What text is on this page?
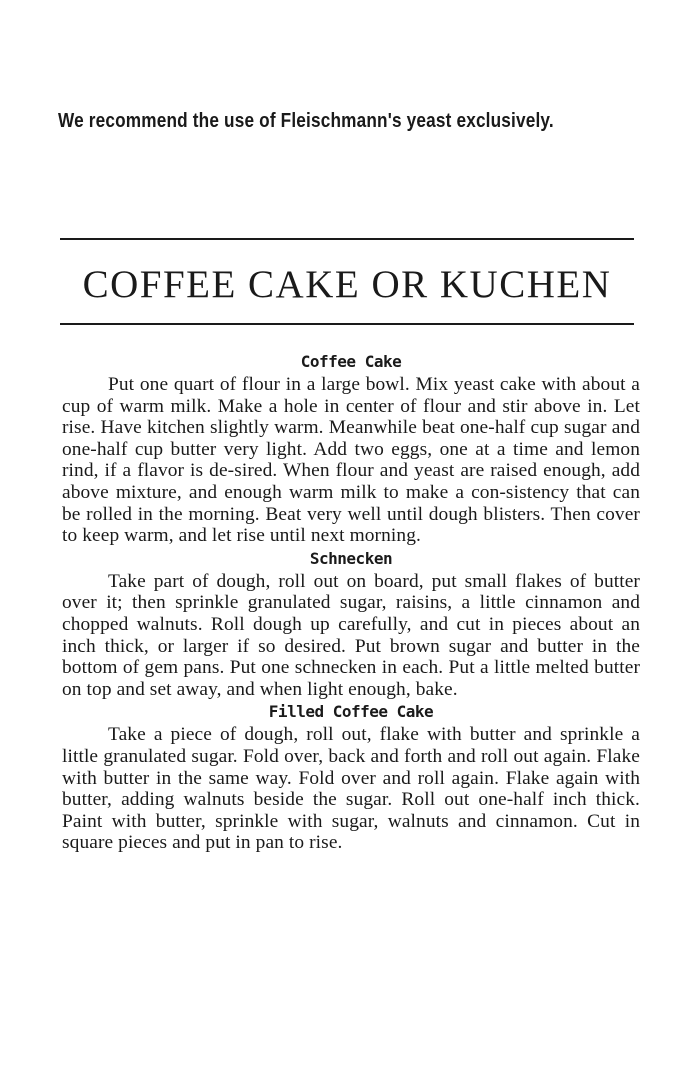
We recommend the use of Fleischmann's yeast exclusively.
COFFEE CAKE OR KUCHEN
Coffee Cake

Put one quart of flour in a large bowl. Mix yeast cake with about a cup of warm milk. Make a hole in center of flour and stir above in. Let rise. Have kitchen slightly warm. Meanwhile beat one-half cup sugar and one-half cup butter very light. Add two eggs, one at a time and lemon rind, if a flavor is de-sired. When flour and yeast are raised enough, add above mixture, and enough warm milk to make a con-sistency that can be rolled in the morning. Beat very well until dough blisters. Then cover to keep warm, and let rise until next morning.

Schnecken

Take part of dough, roll out on board, put small flakes of butter over it; then sprinkle granulated sugar, raisins, a little cinnamon and chopped walnuts. Roll dough up carefully, and cut in pieces about an inch thick, or larger if so desired. Put brown sugar and butter in the bottom of gem pans. Put one schnecken in each. Put a little melted butter on top and set away, and when light enough, bake.

Filled Coffee Cake

Take a piece of dough, roll out, flake with butter and sprinkle a little granulated sugar. Fold over, back and forth and roll out again. Flake with butter in the same way. Fold over and roll again. Flake again with butter, adding walnuts beside the sugar. Roll out one-half inch thick. Paint with butter, sprinkle with sugar, walnuts and cinnamon. Cut in square pieces and put in pan to rise.
